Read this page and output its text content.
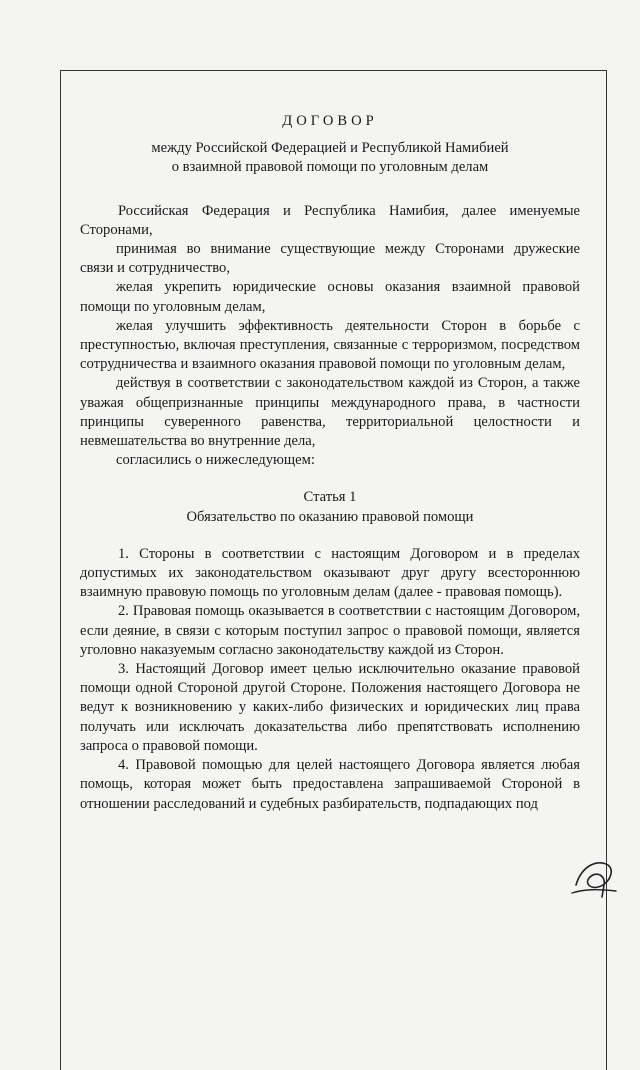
ДОГОВОР

между Российской Федерацией и Республикой Намибией

о взаимной правовой помощи по уголовным делам

Российская Федерация и Республика Намибия, далее именуемые Сторонами,

принимая во внимание существующие между Сторонами дружеские связи и сотрудничество,

желая укрепить юридические основы оказания взаимной правовой помощи по уголовным делам,

желая улучшить эффективность деятельности Сторон в борьбе с преступностью, включая преступления, связанные с терроризмом, посредством сотрудничества и взаимного оказания правовой помощи по уголовным делам,

действуя в соответствии с законодательством каждой из Сторон, а также уважая общепризнанные принципы международного права, в частности принципы суверенного равенства, территориальной целостности и невмешательства во внутренние дела,

согласились о нижеследующем:

Статья 1

Обязательство по оказанию правовой помощи

1. Стороны в соответствии с настоящим Договором и в пределах допустимых их законодательством оказывают друг другу всестороннюю взаимную правовую помощь по уголовным делам (далее - правовая помощь).

2. Правовая помощь оказывается в соответствии с настоящим Договором, если деяние, в связи с которым поступил запрос о правовой помощи, является уголовно наказуемым согласно законодательству каждой из Сторон.

3. Настоящий Договор имеет целью исключительно оказание правовой помощи одной Стороной другой Стороне. Положения настоящего Договора не ведут к возникновению у каких-либо физических и юридических лиц права получать или исключать доказательства либо препятствовать исполнению запроса о правовой помощи.

4. Правовой помощью для целей настоящего Договора является любая помощь, которая может быть предоставлена запрашиваемой Стороной в отношении расследований и судебных разбирательств, подпадающих под
